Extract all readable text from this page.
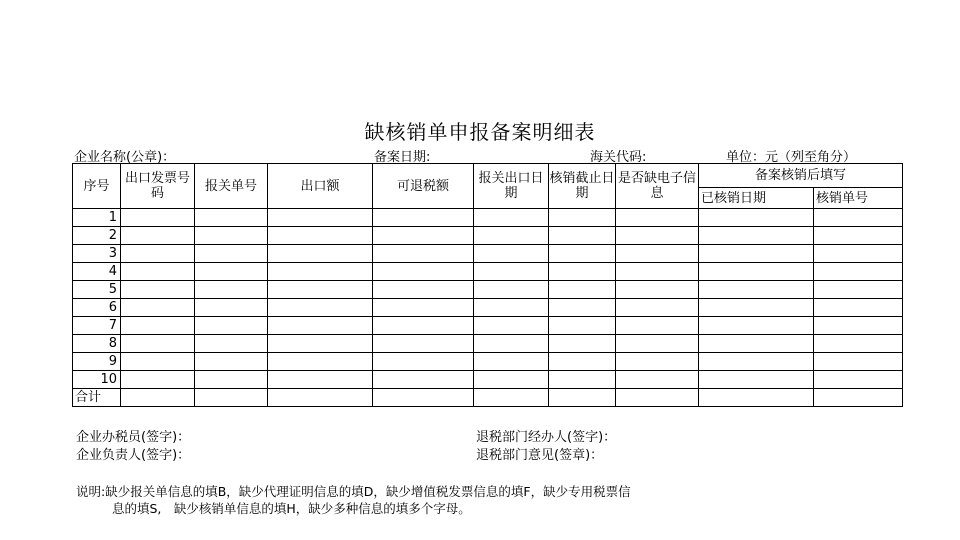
缺核销单申报备案明细表
企业名称(公章)：	备案日期:	海关代码:	单位：元（列至角分）
序号	出口发票号码	报关单号	出口额	可退税额	报关出口日期	核销截止日期	是否缺电子信息	备案核销后填写	
								已核销日期	核销单号
1									
2									
3									
4									
5									
6									
7									
8									
9									
10									
合计									
企业办税员(签字)：
企业负责人(签字)：
退税部门经办人(签字)：
退税部门意见(签章)：
说明:缺少报关单信息的填B，缺少代理证明信息的填D，缺少增值税发票信息的填F，缺少专用税票信
息的填S,　缺少核销单信息的填H，缺少多种信息的填多个字母。
